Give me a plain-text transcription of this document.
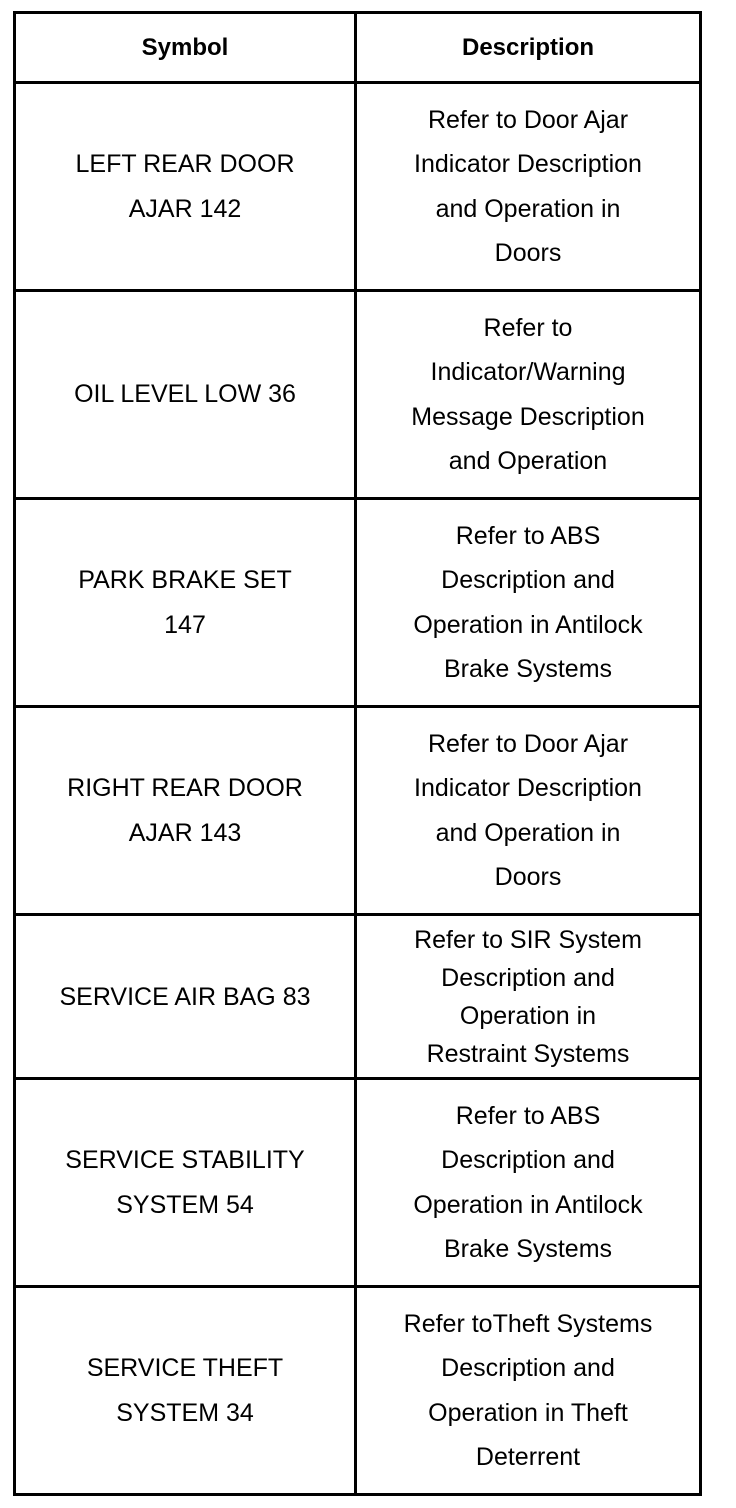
Symbol	Description

LEFT REAR DOOR
AJAR 142	Refer to Door Ajar
Indicator Description
and Operation in
Doors

OIL LEVEL LOW 36	Refer to
Indicator/Warning
Message Description
and Operation

PARK BRAKE SET
147	Refer to ABS
Description and
Operation in Antilock
Brake Systems

RIGHT REAR DOOR
AJAR 143	Refer to Door Ajar
Indicator Description
and Operation in
Doors

SERVICE AIR BAG 83	Refer to SIR System
Description and
Operation in
Restraint Systems

SERVICE STABILITY
SYSTEM 54	Refer to ABS
Description and
Operation in Antilock
Brake Systems

SERVICE THEFT
SYSTEM 34	Refer toTheft Systems
Description and
Operation in Theft
Deterrent
